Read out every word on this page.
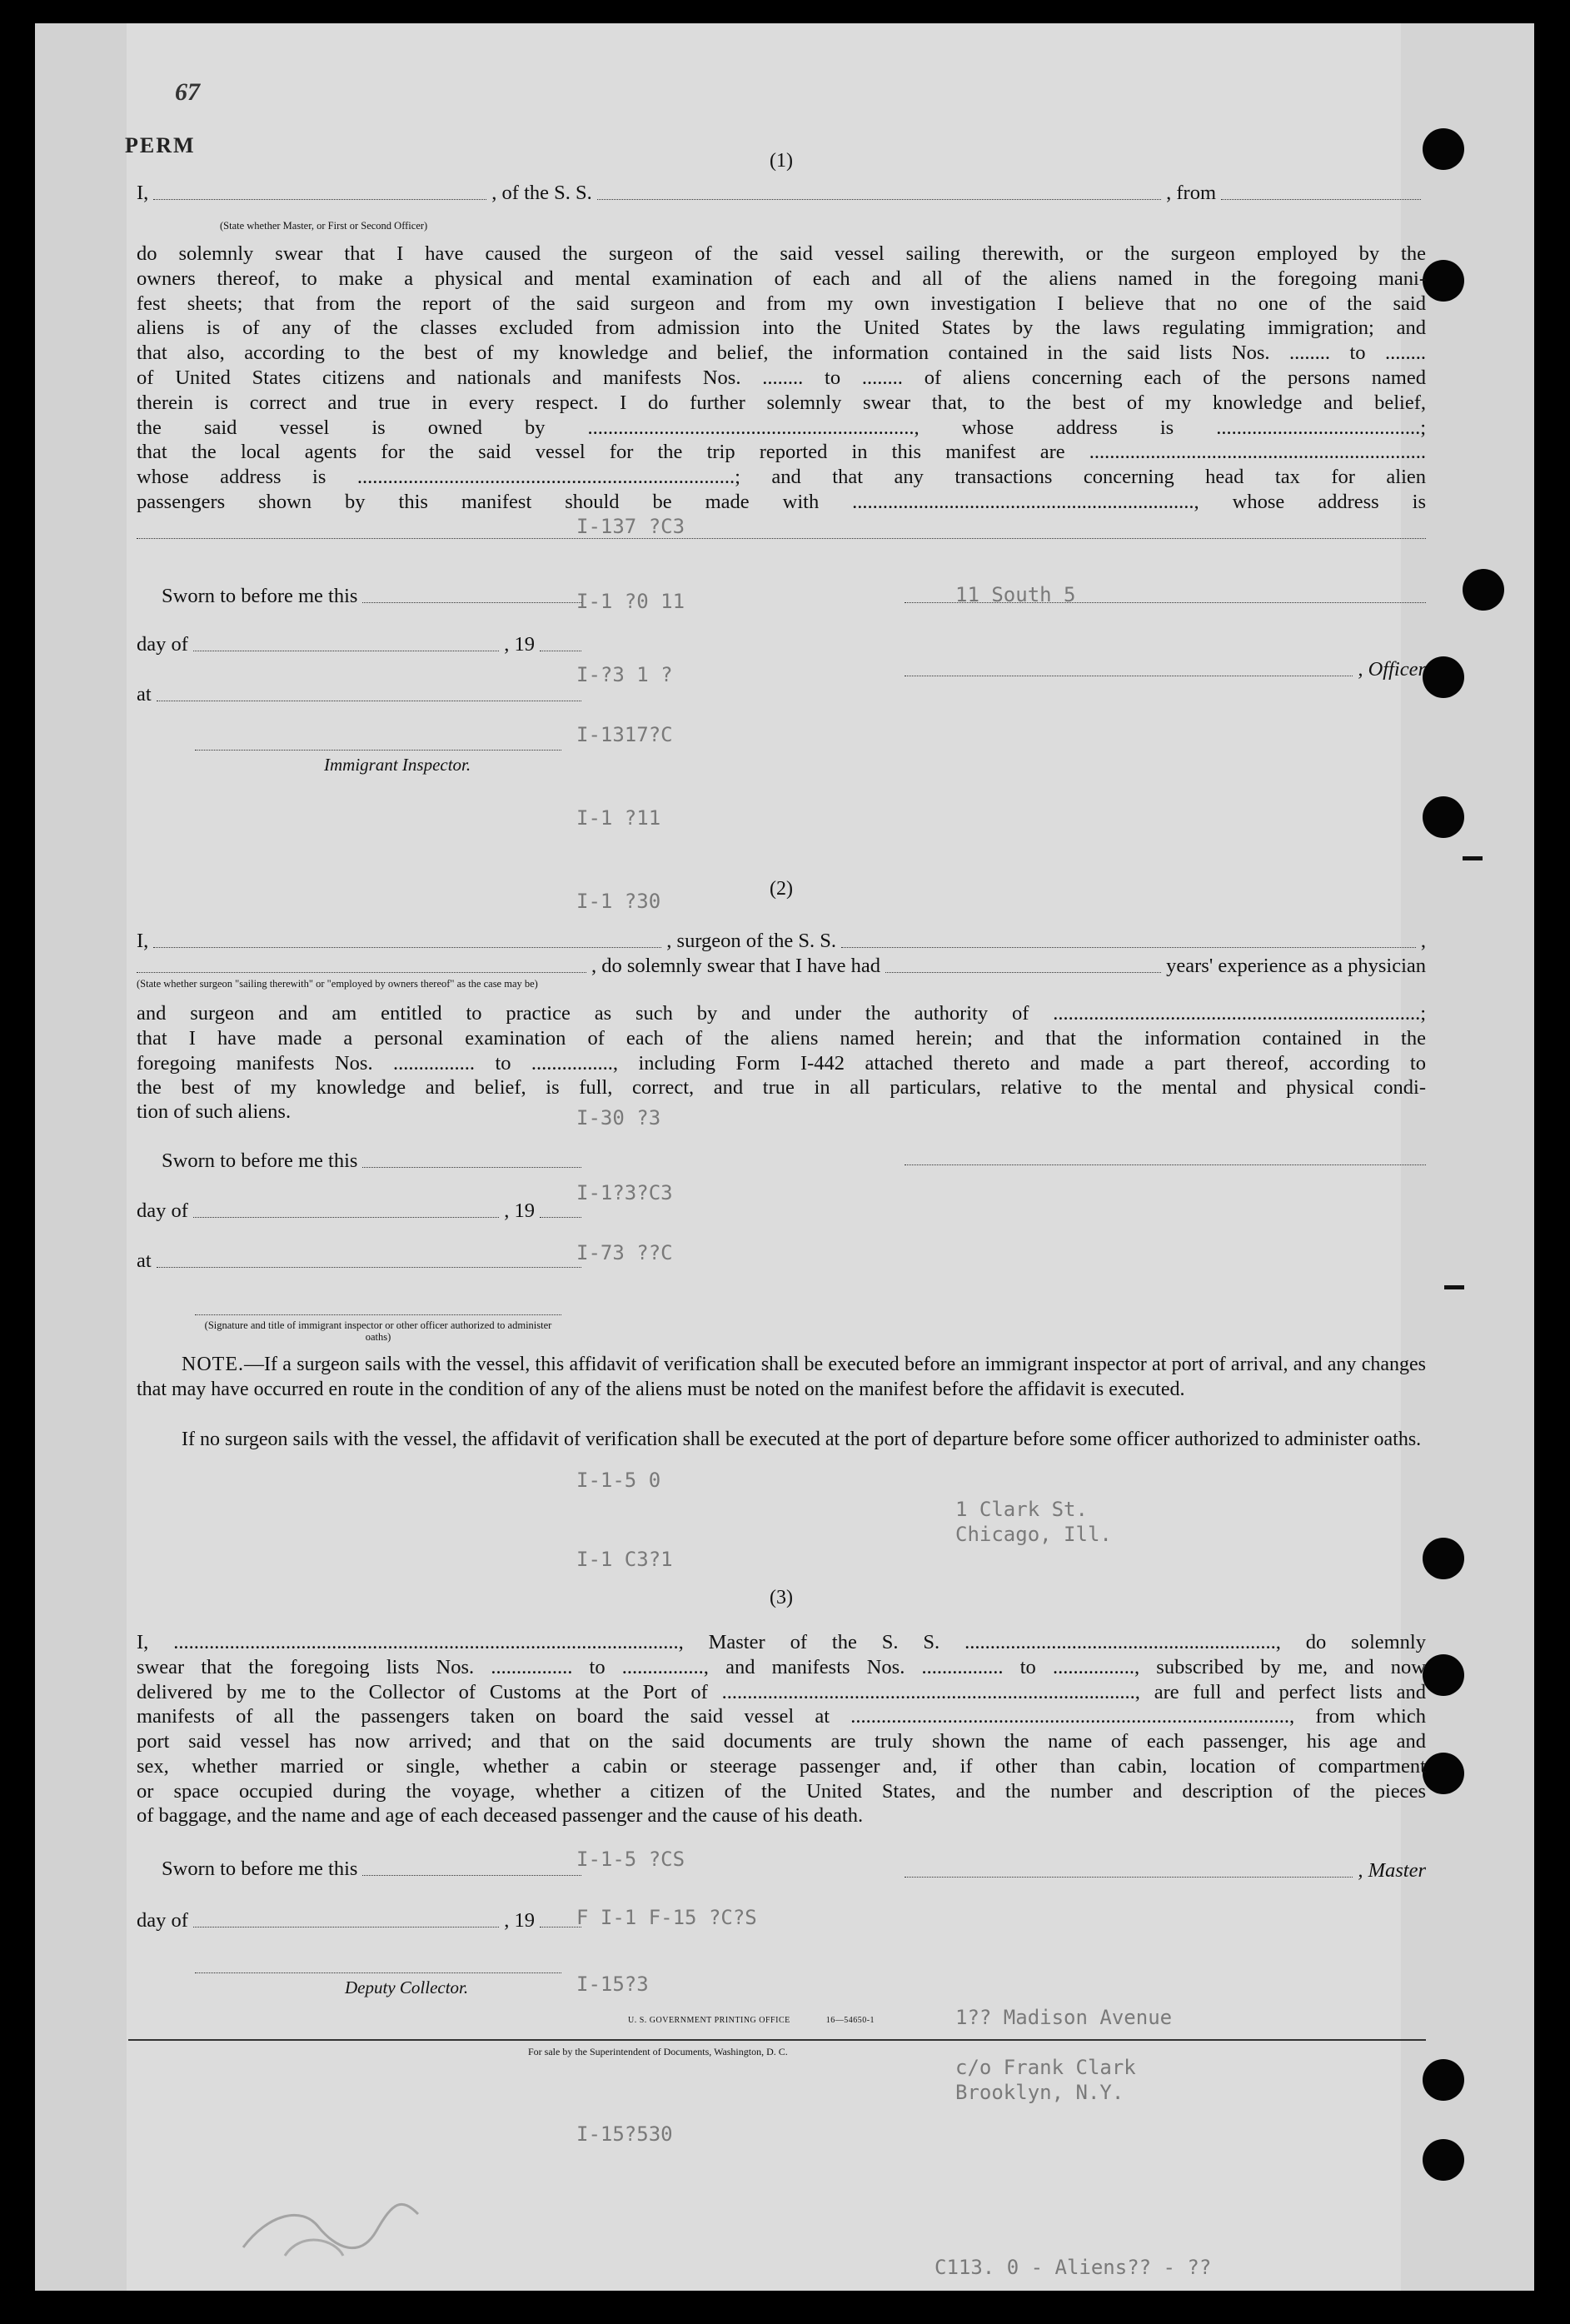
I-137 ?C3
11 South 5
I-1 ?0 11
I-?3 1 ?
I-1317?C
I-1 ?11
I-1 ?30
I-30 ?3
I-1?3?C3
I-73 ??C
I-1-5 0
1 Clark St.
Chicago, Ill.
I-1 C3?1
I-1-5 ?CS
F I-1 F-15 ?C?S
I-15?3
1?? Madison Avenue
c/o Frank Clark
Brooklyn, N.Y.
I-15?530
C113. 0 - Aliens?? - ??
67
PERM
(1)
I,	, of the S. S.	, from
(State whether Master, or First or Second Officer)
do solemnly swear that I have caused the surgeon of the said vessel sailing therewith, or the surgeon employed by the
owners thereof, to make a physical and mental examination of each and all of the aliens named in the foregoing mani-
fest sheets; that from the report of the said surgeon and from my own investigation I believe that no one of the said
aliens is of any of the classes excluded from admission into the United States by the laws regulating immigration; and
that also, according to the best of my knowledge and belief, the information contained in the said lists Nos. ........ to ........
of United States citizens and nationals and manifests Nos. ........ to ........ of aliens concerning each of the persons named
therein is correct and true in every respect. I do further solemnly swear that, to the best of my knowledge and belief,
the said vessel is owned by ................................................................, whose address is ........................................;
that the local agents for the said vessel for the trip reported in this manifest are ..................................................................
whose address is ..........................................................................; and that any transactions concerning head tax for alien
passengers shown by this manifest should be made with ..................................................................., whose address is
Sworn to before me this
day of	, 19
at
Immigrant Inspector.
, Officer
(2)
I,	, surgeon of the S. S.	,
, do solemnly swear that I have had	years' experience as a physician
(State whether surgeon "sailing therewith" or "employed by owners thereof" as the case may be)
and surgeon and am entitled to practice as such by and under the authority of ........................................................................;
that I have made a personal examination of each of the aliens named herein; and that the information contained in the
foregoing manifests Nos. ................ to ................, including Form I-442 attached thereto and made a part thereof, according to
the best of my knowledge and belief, is full, correct, and true in all particulars, relative to the mental and physical condi-
tion of such aliens.
Sworn to before me this
day of	, 19
at
(Signature and title of immigrant inspector or other officer authorized to administer oaths)
NOTE.—If a surgeon sails with the vessel, this affidavit of verification shall be executed before an immigrant inspector at port of arrival, and any changes that may have occurred en route in the condition of any of the aliens must be noted on the manifest before the affidavit is executed.
If no surgeon sails with the vessel, the affidavit of verification shall be executed at the port of departure before some officer authorized to administer oaths.
(3)
I, ..................................................................................................., Master of the S. S. ............................................................., do solemnly
swear that the foregoing lists Nos. ................ to ................, and manifests Nos. ................ to ................, subscribed by me, and now
delivered by me to the Collector of Customs at the Port of ................................................................................., are full and perfect lists and
manifests of all the passengers taken on board the said vessel at ......................................................................................, from which
port said vessel has now arrived; and that on the said documents are truly shown the name of each passenger, his age and
sex, whether married or single, whether a cabin or steerage passenger and, if other than cabin, location of compartment
or space occupied during the voyage, whether a citizen of the United States, and the number and description of the pieces
of baggage, and the name and age of each deceased passenger and the cause of his death.
Sworn to before me this
day of	, 19
Deputy Collector.
, Master
U. S. GOVERNMENT PRINTING OFFICE	16—54650-1
For sale by the Superintendent of Documents, Washington, D. C.
